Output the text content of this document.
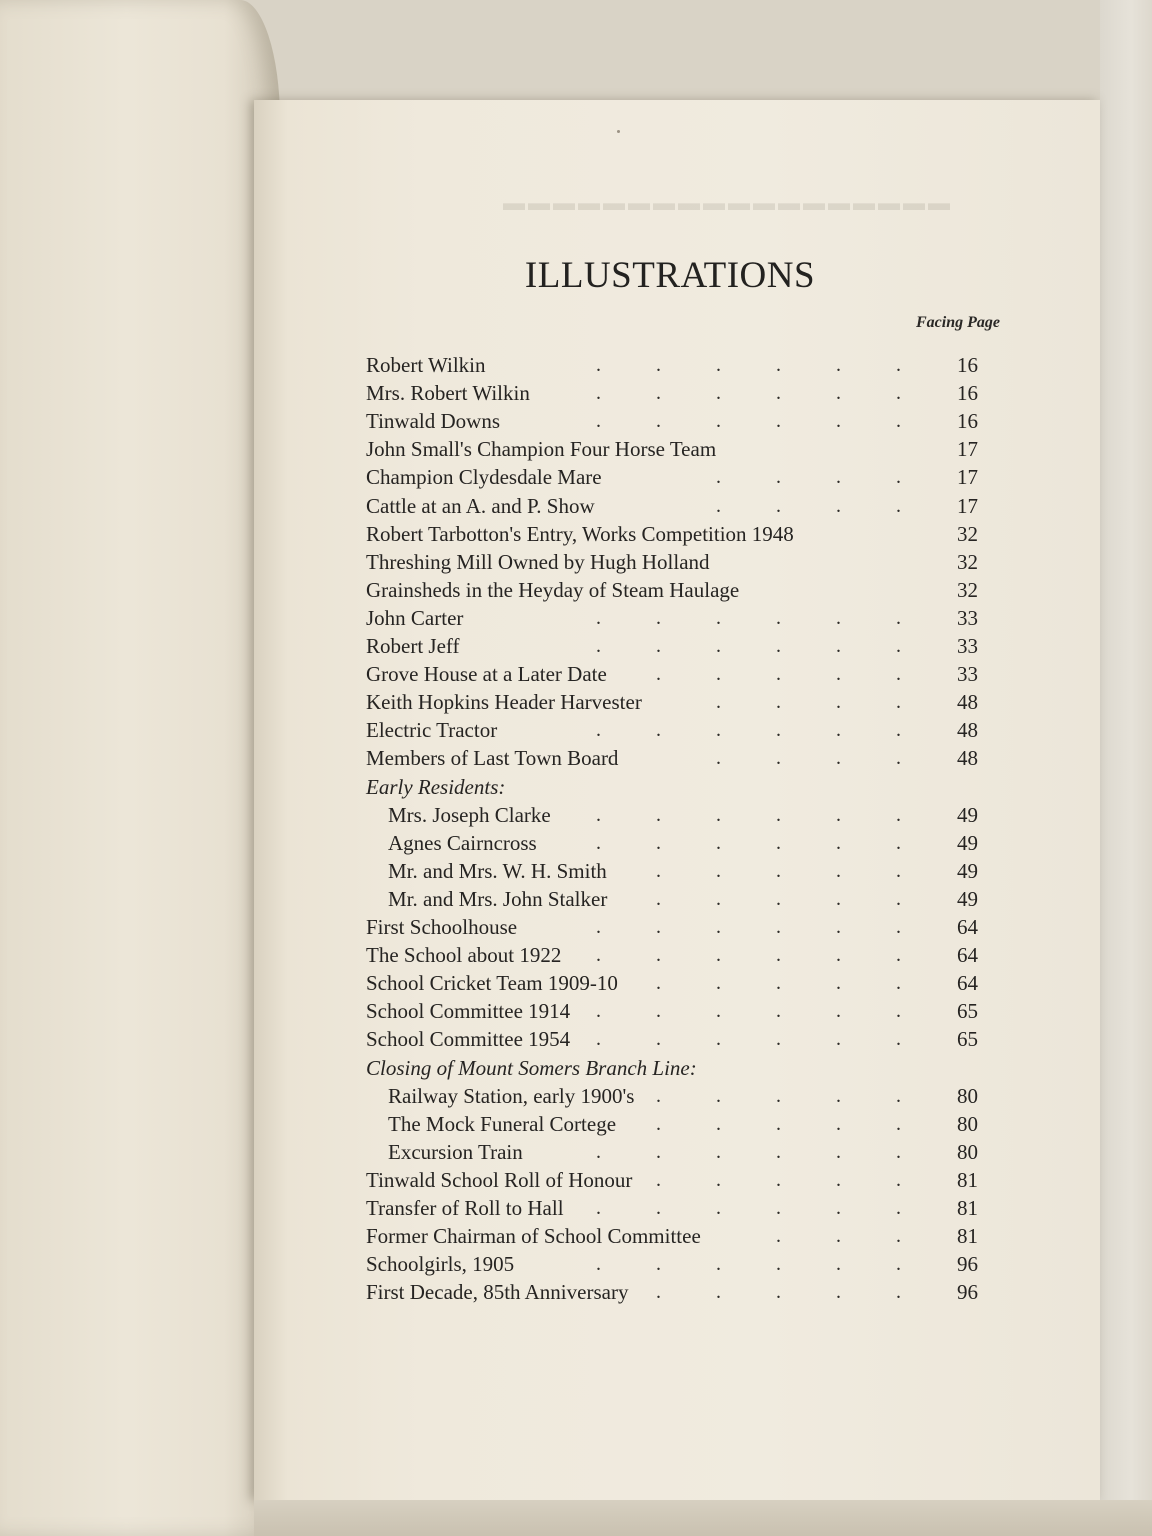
ILLUSTRATIONS
Facing Page
Robert Wilkin	. . . . . .	16
Mrs. Robert Wilkin	. . . . . .	16
Tinwald Downs	. . . . . .	16
John Small's Champion Four Horse Team	17
Champion Clydesdale Mare	. . . .	17
Cattle at an A. and P. Show	. . . .	17
Robert Tarbotton's Entry, Works Competition 1948	32
Threshing Mill Owned by Hugh Holland	32
Grainsheds in the Heyday of Steam Haulage	32
John Carter	. . . . . .	33
Robert Jeff	. . . . . .	33
Grove House at a Later Date . . . . .	33
Keith Hopkins Header Harvester	. . . .	48
Electric Tractor	. . . . . .	48
Members of Last Town Board	. . . .	48
Early Residents:
Mrs. Joseph Clarke . . . . . .	49
Agnes Cairncross	. . . . . .	49
Mr. and Mrs. W. H. Smith . . . . .	49
Mr. and Mrs. John Stalker . . . . .	49
First Schoolhouse	. . . . . .	64
The School about 1922 . . . . . .	64
School Cricket Team 1909-10 . . . . .	64
School Committee 1914 . . . . . .	65
School Committee 1954 . . . . . .	65
Closing of Mount Somers Branch Line:
Railway Station, early 1900's . . . . .	80
The Mock Funeral Cortege . . . . .	80
Excursion Train	. . . . . .	80
Tinwald School Roll of Honour . . . . .	81
Transfer of Roll to Hall . . . . . .	81
Former Chairman of School Committee	. . .	81
Schoolgirls, 1905	. . . . . .	96
First Decade, 85th Anniversary . . . . .	96
